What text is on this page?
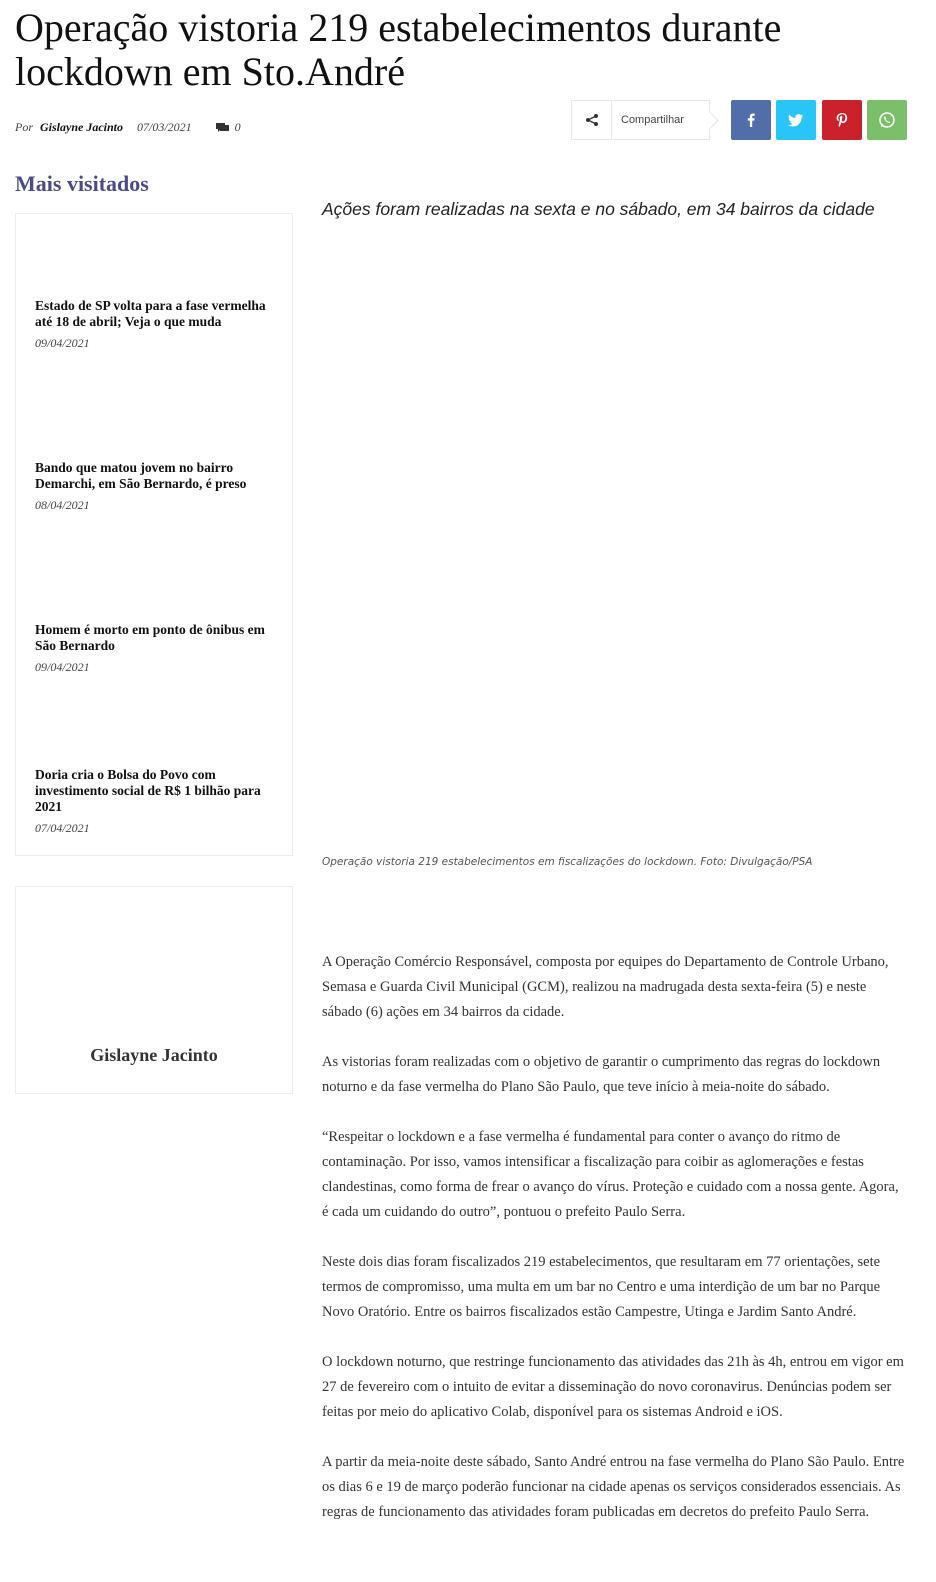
Operação vistoria 219 estabelecimentos durante lockdown em Sto.André
Por Gislayne Jacinto 07/03/2021	0	Compartilhar
Mais visitados
Estado de SP volta para a fase vermelha até 18 de abril; Veja o que muda
09/04/2021
Bando que matou jovem no bairro Demarchi, em São Bernardo, é preso
08/04/2021
Homem é morto em ponto de ônibus em São Bernardo
09/04/2021
Doria cria o Bolsa do Povo com investimento social de R$ 1 bilhão para 2021
07/04/2021
Gislayne Jacinto

Ações foram realizadas na sexta e no sábado, em 34 bairros da cidade

Operação vistoria 219 estabelecimentos em fiscalizações do lockdown. Foto: Divulgação/PSA

A Operação Comércio Responsável, composta por equipes do Departamento de Controle Urbano, Semasa e Guarda Civil Municipal (GCM), realizou na madrugada desta sexta-feira (5) e neste sábado (6) ações em 34 bairros da cidade.

As vistorias foram realizadas com o objetivo de garantir o cumprimento das regras do lockdown noturno e da fase vermelha do Plano São Paulo, que teve início à meia-noite do sábado.

“Respeitar o lockdown e a fase vermelha é fundamental para conter o avanço do ritmo de contaminação. Por isso, vamos intensificar a fiscalização para coibir as aglomerações e festas clandestinas, como forma de frear o avanço do vírus. Proteção e cuidado com a nossa gente. Agora, é cada um cuidando do outro”, pontuou o prefeito Paulo Serra.

Neste dois dias foram fiscalizados 219 estabelecimentos, que resultaram em 77 orientações, sete termos de compromisso, uma multa em um bar no Centro e uma interdição de um bar no Parque Novo Oratório. Entre os bairros fiscalizados estão Campestre, Utinga e Jardim Santo André.

O lockdown noturno, que restringe funcionamento das atividades das 21h às 4h, entrou em vigor em 27 de fevereiro com o intuito de evitar a disseminação do novo coronavirus. Denúncias podem ser feitas por meio do aplicativo Colab, disponível para os sistemas Android e iOS.

A partir da meia-noite deste sábado, Santo André entrou na fase vermelha do Plano São Paulo. Entre os dias 6 e 19 de março poderão funcionar na cidade apenas os serviços considerados essenciais. As regras de funcionamento das atividades foram publicadas em decretos do prefeito Paulo Serra.
